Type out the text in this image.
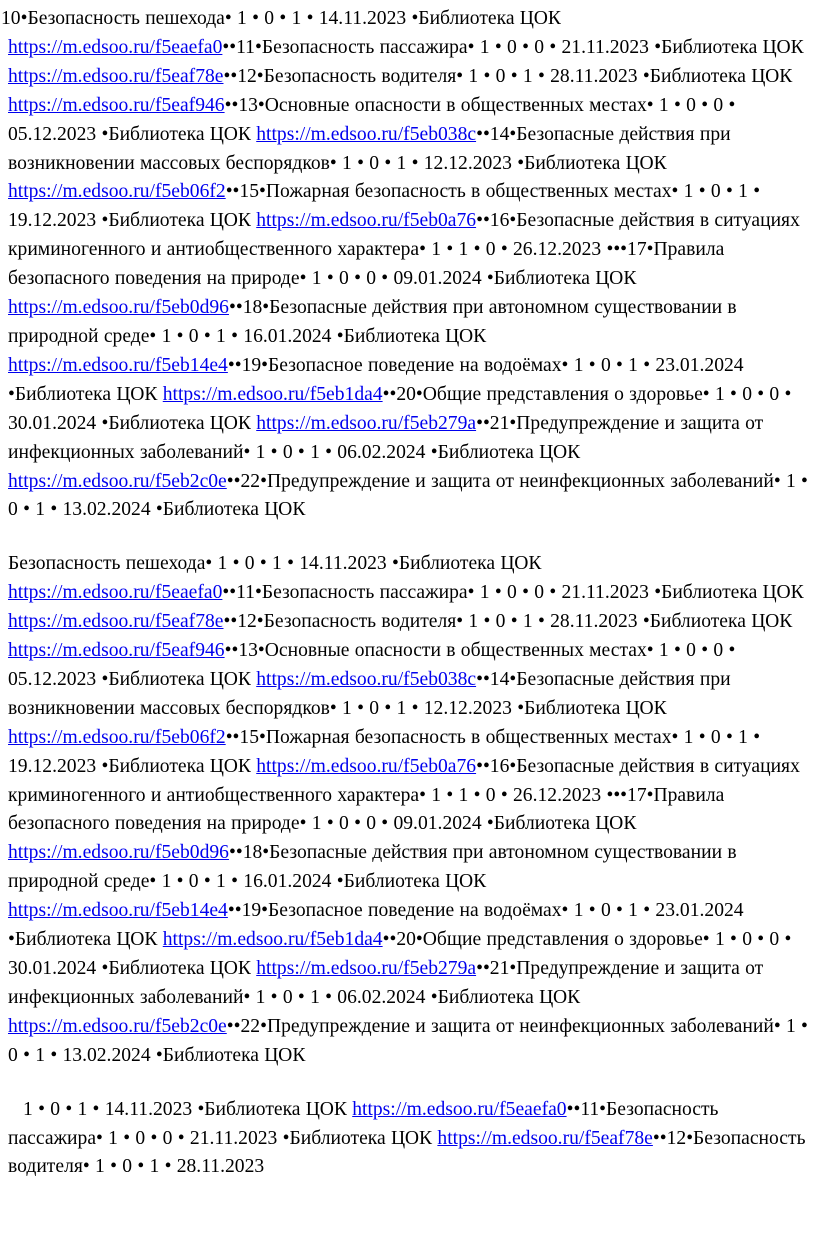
10•Безопасность пешехода• 1 • 0 • 1 • 14.11.2023 •Библиотека ЦОК https://m.edsoo.ru/f5eaefa0••11•Безопасность пассажира• 1 • 0 • 0 • 21.11.2023 •Библиотека ЦОК https://m.edsoo.ru/f5eaf78e••12•Безопасность водителя• 1 • 0 • 1 • 28.11.2023 •Библиотека ЦОК https://m.edsoo.ru/f5eaf946••13•Основные опасности в общественных местах• 1 • 0 • 0 • 05.12.2023 •Библиотека ЦОК https://m.edsoo.ru/f5eb038c••14•Безопасные действия при возникновении массовых беспорядков• 1 • 0 • 1 • 12.12.2023 •Библиотека ЦОК https://m.edsoo.ru/f5eb06f2••15•Пожарная безопасность в общественных местах• 1 • 0 • 1 • 19.12.2023 •Библиотека ЦОК https://m.edsoo.ru/f5eb0a76••16•Безопасные действия в ситуациях криминогенного и антиобщественного характера• 1 • 1 • 0 • 26.12.2023 •••17•Правила безопасного поведения на природе• 1 • 0 • 0 • 09.01.2024 •Библиотека ЦОК https://m.edsoo.ru/f5eb0d96••18•Безопасные действия при автономном существовании в природной среде• 1 • 0 • 1 • 16.01.2024 •Библиотека ЦОК https://m.edsoo.ru/f5eb14e4••19•Безопасное поведение на водоёмах• 1 • 0 • 1 • 23.01.2024 •Библиотека ЦОК https://m.edsoo.ru/f5eb1da4••20•Общие представления о здоровье• 1 • 0 • 0 • 30.01.2024 •Библиотека ЦОК https://m.edsoo.ru/f5eb279a••21•Предупреждение и защита от инфекционных заболеваний• 1 • 0 • 1 • 06.02.2024 •Библиотека ЦОК https://m.edsoo.ru/f5eb2c0e••22•Предупреждение и защита от неинфекционных заболеваний• 1 • 0 • 1 • 13.02.2024 •Библиотека ЦОК

Безопасность пешехода• 1 • 0 • 1 • 14.11.2023 •Библиотека ЦОК https://m.edsoo.ru/f5eaefa0••11•Безопасность пассажира• 1 • 0 • 0 • 21.11.2023 •Библиотека ЦОК https://m.edsoo.ru/f5eaf78e••12•Безопасность водителя• 1 • 0 • 1 • 28.11.2023 •Библиотека ЦОК https://m.edsoo.ru/f5eaf946••13•Основные опасности в общественных местах• 1 • 0 • 0 • 05.12.2023 •Библиотека ЦОК https://m.edsoo.ru/f5eb038c••14•Безопасные действия при возникновении массовых беспорядков• 1 • 0 • 1 • 12.12.2023 •Библиотека ЦОК https://m.edsoo.ru/f5eb06f2••15•Пожарная безопасность в общественных местах• 1 • 0 • 1 • 19.12.2023 •Библиотека ЦОК https://m.edsoo.ru/f5eb0a76••16•Безопасные действия в ситуациях криминогенного и антиобщественного характера• 1 • 1 • 0 • 26.12.2023 •••17•Правила безопасного поведения на природе• 1 • 0 • 0 • 09.01.2024 •Библиотека ЦОК https://m.edsoo.ru/f5eb0d96••18•Безопасные действия при автономном существовании в природной среде• 1 • 0 • 1 • 16.01.2024 •Библиотека ЦОК https://m.edsoo.ru/f5eb14e4••19•Безопасное поведение на водоёмах• 1 • 0 • 1 • 23.01.2024 •Библиотека ЦОК https://m.edsoo.ru/f5eb1da4••20•Общие представления о здоровье• 1 • 0 • 0 • 30.01.2024 •Библиотека ЦОК https://m.edsoo.ru/f5eb279a••21•Предупреждение и защита от инфекционных заболеваний• 1 • 0 • 1 • 06.02.2024 •Библиотека ЦОК https://m.edsoo.ru/f5eb2c0e••22•Предупреждение и защита от неинфекционных заболеваний• 1 • 0 • 1 • 13.02.2024 •Библиотека ЦОК

1 • 0 • 1 • 14.11.2023 •Библиотека ЦОК https://m.edsoo.ru/f5eaefa0••11•Безопасность пассажира• 1 • 0 • 0 • 21.11.2023 •Библиотека ЦОК https://m.edsoo.ru/f5eaf78e••12•Безопасность водителя• 1 • 0 • 1 • 28.11.2023
